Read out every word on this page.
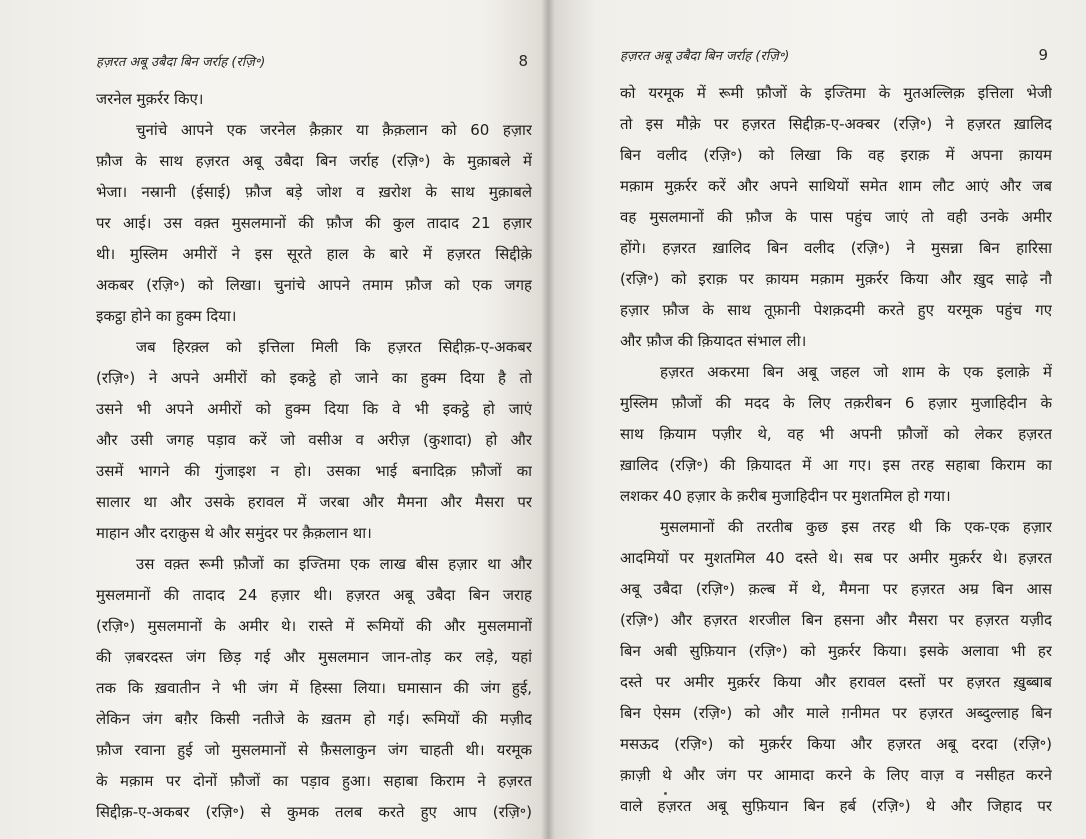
हज़रत अबू उबैदा बिन जर्राह (रज़ि॰)	8
जरनेल मुक़र्रर किए।
चुनांचे आपने एक जरनेल क़ैक़ार या क़ैक़लान को 60 हज़ार
फ़ौज के साथ हज़रत अबू उबैदा बिन जर्राह (रज़ि॰) के मुक़ाबले में
भेजा। नस्रानी (ईसाई) फ़ौज बड़े जोश व ख़रोश के साथ मुक़ाबले
पर आई। उस वक़्त मुसलमानों की फ़ौज की कुल तादाद 21 हज़ार
थी। मुस्लिम अमीरों ने इस सूरते हाल के बारे में हज़रत सिद्दीक़े
अकबर (रज़ि॰) को लिखा। चुनांचे आपने तमाम फ़ौज को एक जगह
इकट्ठा होने का हुक्म दिया।
जब हिरक़्ल को इत्तिला मिली कि हज़रत सिद्दीक़-ए-अकबर
(रज़ि॰) ने अपने अमीरों को इकट्ठे हो जाने का हुक्म दिया है तो
उसने भी अपने अमीरों को हुक्म दिया कि वे भी इकट्ठे हो जाएं
और उसी जगह पड़ाव करें जो वसीअ व अरीज़ (कुशादा) हो और
उसमें भागने की गुंजाइश न हो। उसका भाई बनादिक़ फ़ौजों का
सालार था और उसके हरावल में जरबा और मैमना और मैसरा पर
माहान और दराक़ुस थे और समुंदर पर क़ैक़लान था।
उस वक़्त रूमी फ़ौजों का इज्तिमा एक लाख बीस हज़ार था और
मुसलमानों की तादाद 24 हज़ार थी। हज़रत अबू उबैदा बिन जराह
(रज़ि॰) मुसलमानों के अमीर थे। रास्ते में रूमियों की और मुसलमानों
की ज़बरदस्त जंग छिड़ गई और मुसलमान जान-तोड़ कर लड़े, यहां
तक कि ख़वातीन ने भी जंग में हिस्सा लिया। घमासान की जंग हुई,
लेकिन जंग बग़ैर किसी नतीजे के ख़तम हो गई। रूमियों की मज़ीद
फ़ौज रवाना हुई जो मुसलमानों से फ़ैसलाकुन जंग चाहती थी। यरमूक
के मक़ाम पर दोनों फ़ौजों का पड़ाव हुआ। सहाबा किराम ने हज़रत
सिद्दीक़-ए-अकबर (रज़ि॰) से कुमक तलब करते हुए आप (रज़ि॰)
हज़रत अबू उबैदा बिन जर्राह (रज़ि॰)	9
को यरमूक में रूमी फ़ौजों के इज्तिमा के मुतअल्लिक़ इत्तिला भेजी
तो इस मौक़े पर हज़रत सिद्दीक़-ए-अक्बर (रज़ि॰) ने हज़रत ख़ालिद
बिन वलीद (रज़ि॰) को लिखा कि वह इराक़ में अपना क़ायम
मक़ाम मुक़र्रर करें और अपने साथियों समेत शाम लौट आएं और जब
वह मुसलमानों की फ़ौज के पास पहुंच जाएं तो वही उनके अमीर
होंगे। हज़रत ख़ालिद बिन वलीद (रज़ि॰) ने मुसन्ना बिन हारिसा
(रज़ि॰) को इराक़ पर क़ायम मक़ाम मुक़र्रर किया और ख़ुद साढ़े नौ
हज़ार फ़ौज के साथ तूफ़ानी पेशक़दमी करते हुए यरमूक पहुंच गए
और फ़ौज की क़ियादत संभाल ली।
हज़रत अकरमा बिन अबू जहल जो शाम के एक इलाक़े में
मुस्लिम फ़ौजों की मदद के लिए तक़रीबन 6 हज़ार मुजाहिदीन के
साथ क़ियाम पज़ीर थे, वह भी अपनी फ़ौजों को लेकर हज़रत
ख़ालिद (रज़ि॰) की क़ियादत में आ गए। इस तरह सहाबा किराम का
लशकर 40 हज़ार के क़रीब मुजाहिदीन पर मुशतमिल हो गया।
मुसलमानों की तरतीब कुछ इस तरह थी कि एक-एक हज़ार
आदमियों पर मुशतमिल 40 दस्ते थे। सब पर अमीर मुक़र्रर थे। हज़रत
अबू उबैदा (रज़ि॰) क़ल्ब में थे, मैमना पर हज़रत अम्र बिन आस
(रज़ि॰) और हज़रत शरजील बिन हसना और मैसरा पर हज़रत यज़ीद
बिन अबी सुफ़ियान (रज़ि॰) को मुक़र्रर किया। इसके अलावा भी हर
दस्ते पर अमीर मुक़र्रर किया और हरावल दस्तों पर हज़रत ख़ुब्बाब
बिन ऐसम (रज़ि॰) को और माले ग़नीमत पर हज़रत अब्दुल्लाह बिन
मसऊद (रज़ि॰) को मुक़र्रर किया और हज़रत अबू दरदा (रज़ि॰)
क़ाज़ी थे और जंग पर आमादा करने के लिए वाज़ व नसीहत करने
वाले हज़रत अबू सुफ़ियान बिन हर्ब (रज़ि॰) थे और जिहाद पर
